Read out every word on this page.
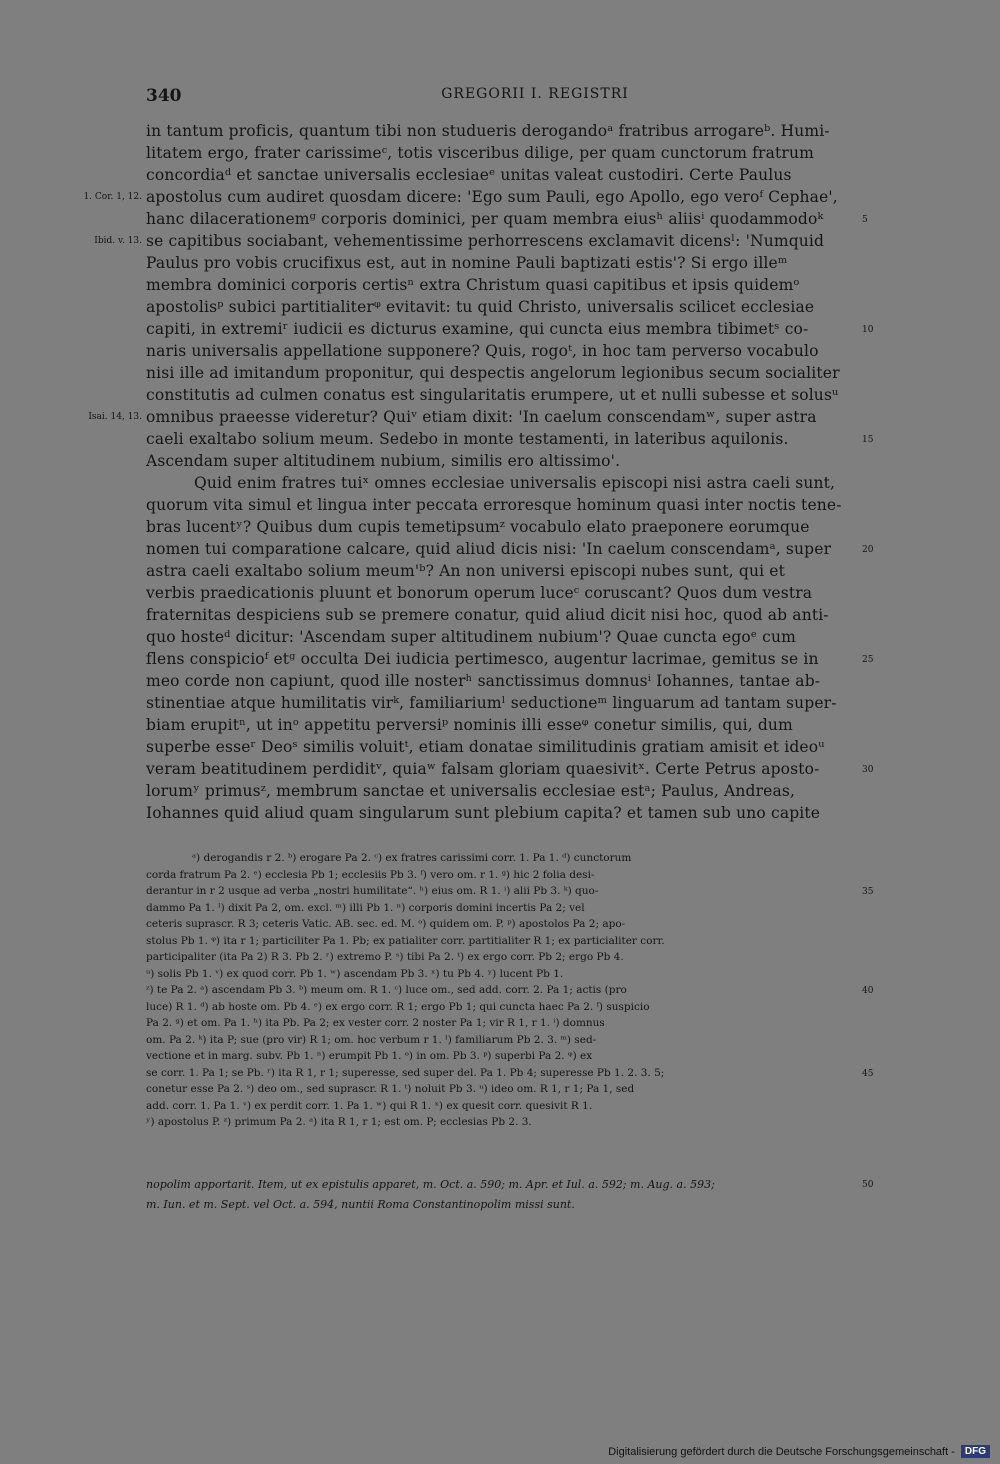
340	GREGORII I. REGISTRI
in tantum proficis, quantum tibi non studueris derogandoᵃ fratribus arrogareᵇ. Humi-
litatem ergo, frater carissimeᶜ, totis visceribus dilige, per quam cunctorum fratrum
concordiaᵈ et sanctae universalis ecclesiaeᵉ unitas valeat custodiri. Certe Paulus
apostolus cum audiret quosdam dicere: 'Ego sum Pauli, ego Apollo, ego veroᶠ Cephae',
hanc dilacerationemᵍ corporis dominici, per quam membra eiusʰ aliisⁱ quodammodoᵏ
se capitibus sociabant, vehementissime perhorrescens exclamavit dicensˡ: 'Numquid
Paulus pro vobis crucifixus est, aut in nomine Pauli baptizati estis'? Si ergo illeᵐ
membra dominici corporis certisⁿ extra Christum quasi capitibus et ipsis quidemᵒ
apostolisᵖ subici partitialiterᵠ evitavit: tu quid Christo, universalis scilicet ecclesiae
capiti, in extremiʳ iudicii es dicturus examine, qui cuncta eius membra tibimetˢ co-
naris universalis appellatione supponere? Quis, rogoᵗ, in hoc tam perverso vocabulo
nisi ille ad imitandum proponitur, qui despectis angelorum legionibus secum socialiter
constitutis ad culmen conatus est singularitatis erumpere, ut et nulli subesse et solusᵘ
omnibus praeesse videretur? Quiᵛ etiam dixit: 'In caelum conscendamʷ, super astra
caeli exaltabo solium meum. Sedebo in monte testamenti, in lateribus aquilonis.
Ascendam super altitudinem nubium, similis ero altissimo'.
Quid enim fratres tuiˣ omnes ecclesiae universalis episcopi nisi astra caeli sunt,
quorum vita simul et lingua inter peccata erroresque hominum quasi inter noctis tene-
bras lucentʸ? Quibus dum cupis temetipsumᶻ vocabulo elato praeponere eorumque
nomen tui comparatione calcare, quid aliud dicis nisi: 'In caelum conscendamᵃ, super
astra caeli exaltabo solium meum'ᵇ? An non universi episcopi nubes sunt, qui et
verbis praedicationis pluunt et bonorum operum luceᶜ coruscant? Quos dum vestra
fraternitas despiciens sub se premere conatur, quid aliud dicit nisi hoc, quod ab anti-
quo hosteᵈ dicitur: 'Ascendam super altitudinem nubium'? Quae cuncta egoᵉ cum
flens conspicioᶠ etᵍ occulta Dei iudicia pertimesco, augentur lacrimae, gemitus se in
meo corde non capiunt, quod ille nosterʰ sanctissimus domnusⁱ Iohannes, tantae ab-
stinentiae atque humilitatis virᵏ, familiariumˡ seductioneᵐ linguarum ad tantam super-
biam erupitⁿ, ut inᵒ appetitu perversiᵖ nominis illi esseᵠ conetur similis, qui, dum
superbe esseʳ Deoˢ similis voluitᵗ, etiam donatae similitudinis gratiam amisit et ideoᵘ
veram beatitudinem perdiditᵛ, quiaʷ falsam gloriam quaesivitˣ. Certe Petrus aposto-
lorumʸ primusᶻ, membrum sanctae et universalis ecclesiae estᵃ; Paulus, Andreas,
Iohannes quid aliud quam singularum sunt plebium capita? et tamen sub uno capite
1. Cor. 1, 12.
Ibid. v. 13.
Isai. 14, 13.
5
10
15
20
25
30
35
40
45
50
ᵃ) derogandis r 2. ᵇ) erogare Pa 2. ᶜ) ex fratres carissimi corr. 1. Pa 1. ᵈ) cunctorum
corda fratrum Pa 2. ᵉ) ecclesia Pb 1; ecclesiis Pb 3. ᶠ) vero om. r 1. ᵍ) hic 2 folia desi-
derantur in r 2 usque ad verba „nostri humilitate“. ʰ) eius om. R 1. ⁱ) alii Pb 3. ᵏ) quo-
dammo Pa 1. ˡ) dixit Pa 2, om. excl. ᵐ) illi Pb 1. ⁿ) corporis domini incertis Pa 2; vel
ceteris suprascr. R 3; ceteris Vatic. AB. sec. ed. M. ᵒ) quidem om. P. ᵖ) apostolos Pa 2; apo-
stolus Pb 1. ᵠ) ita r 1; particiliter Pa 1. Pb; ex patialiter corr. partitialiter R 1; ex particialiter corr.
participaliter (ita Pa 2) R 3. Pb 2. ʳ) extremo P. ˢ) tibi Pa 2. ᵗ) ex ergo corr. Pb 2; ergo Pb 4.
ᵘ) solis Pb 1. ᵛ) ex quod corr. Pb 1. ʷ) ascendam Pb 3. ˣ) tu Pb 4. ʸ) lucent Pb 1.
ᶻ) te Pa 2. ᵃ) ascendam Pb 3. ᵇ) meum om. R 1. ᶜ) luce om., sed add. corr. 2. Pa 1; actis (pro
luce) R 1. ᵈ) ab hoste om. Pb 4. ᵉ) ex ergo corr. R 1; ergo Pb 1; qui cuncta haec Pa 2. ᶠ) suspicio
Pa 2. ᵍ) et om. Pa 1. ʰ) ita Pb. Pa 2; ex vester corr. 2 noster Pa 1; vir R 1, r 1. ⁱ) domnus
om. Pa 2. ᵏ) ita P; sue (pro vir) R 1; om. hoc verbum r 1. ˡ) familiarum Pb 2. 3. ᵐ) sed-
vectione et in marg. subv. Pb 1. ⁿ) erumpit Pb 1. ᵒ) in om. Pb 3. ᵖ) superbi Pa 2. ᵠ) ex
se corr. 1. Pa 1; se Pb. ʳ) ita R 1, r 1; superesse, sed super del. Pa 1. Pb 4; superesse Pb 1. 2. 3. 5;
conetur esse Pa 2. ˢ) deo om., sed suprascr. R 1. ᵗ) noluit Pb 3. ᵘ) ideo om. R 1, r 1; Pa 1, sed
add. corr. 1. Pa 1. ᵛ) ex perdit corr. 1. Pa 1. ʷ) qui R 1. ˣ) ex quesit corr. quesivit R 1.
ʸ) apostolus P. ᶻ) primum Pa 2. ᵃ) ita R 1, r 1; est om. P; ecclesias Pb 2. 3.
nopolim apportarit. Item, ut ex epistulis apparet, m. Oct. a. 590; m. Apr. et Iul. a. 592; m. Aug. a. 593;
m. Iun. et m. Sept. vel Oct. a. 594, nuntii Roma Constantinopolim missi sunt.
Digitalisierung gefördert durch die Deutsche Forschungsgemeinschaft -	DFG
